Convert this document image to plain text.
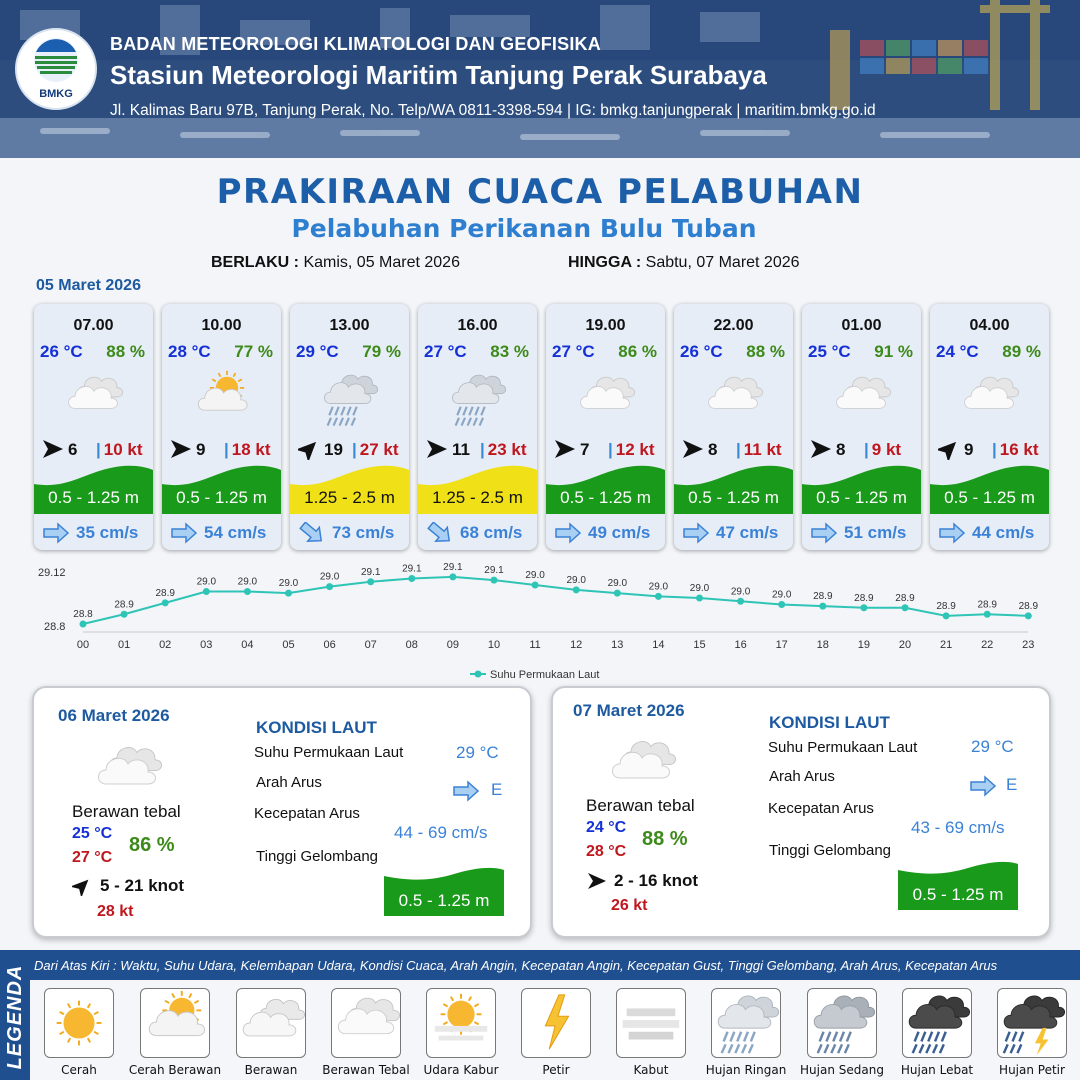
BMKG
BADAN METEOROLOGI KLIMATOLOGI DAN GEOFISIKA
Stasiun Meteorologi Maritim Tanjung Perak Surabaya
Jl. Kalimas Baru 97B, Tanjung Perak, No. Telp/WA 0811-3398-594 | IG: bmkg.tanjungperak | maritim.bmkg.go.id
PRAKIRAAN CUACA PELABUHAN
Pelabuhan Perikanan Bulu Tuban
BERLAKU : Kamis, 05 Maret 2026	HINGGA : Sabtu, 07 Maret 2026
05 Maret 2026
07.00
26 °C 88 %
6 | 10 kt
0.5 - 1.25 m
35 cm/s
10.00
28 °C 77 %
9 | 18 kt
0.5 - 1.25 m
54 cm/s
13.00
29 °C 79 %
19 | 27 kt
1.25 - 2.5 m
73 cm/s
16.00
27 °C 83 %
11 | 23 kt
1.25 - 2.5 m
68 cm/s
19.00
27 °C 86 %
7 | 12 kt
0.5 - 1.25 m
49 cm/s
22.00
26 °C 88 %
8 | 11 kt
0.5 - 1.25 m
47 cm/s
01.00
25 °C 91 %
8 | 9 kt
0.5 - 1.25 m
51 cm/s
04.00
24 °C 89 %
9 | 16 kt
0.5 - 1.25 m
44 cm/s
29.12
28.8
28.8
00
28.9
01
28.9
02
29.0
03
29.0
04
29.0
05
29.0
06
29.1
07
29.1
08
29.1
09
29.1
10
29.0
11
29.0
12
29.0
13
29.0
14
29.0
15
29.0
16
29.0
17
28.9
18
28.9
19
28.9
20
28.9
21
28.9
22
28.9
23
Suhu Permukaan Laut
06 Maret 2026
Berawan tebal
25 °C
27 °C
86 %
5 - 21 knot
28 kt
KONDISI LAUT
Suhu Permukaan Laut	29 °C
Arah Arus	E
Kecepatan Arus
44 - 69 cm/s
Tinggi Gelombang
0.5 - 1.25 m
07 Maret 2026
Berawan tebal
24 °C
28 °C
88 %
2 - 16 knot
26 kt
KONDISI LAUT
Suhu Permukaan Laut	29 °C
Arah Arus	E
Kecepatan Arus
43 - 69 cm/s
Tinggi Gelombang
0.5 - 1.25 m
LEGENDA Dari Atas Kiri : Waktu, Suhu Udara, Kelembapan Udara, Kondisi Cuaca, Arah Angin, Kecepatan Angin, Kecepatan Gust, Tinggi Gelombang, Arah Arus, Kecepatan Arus
Cerah	Cerah Berawan	Berawan	Berawan Tebal	Udara Kabur	Petir	Kabut	Hujan Ringan	Hujan Sedang	Hujan Lebat	Hujan Petir
